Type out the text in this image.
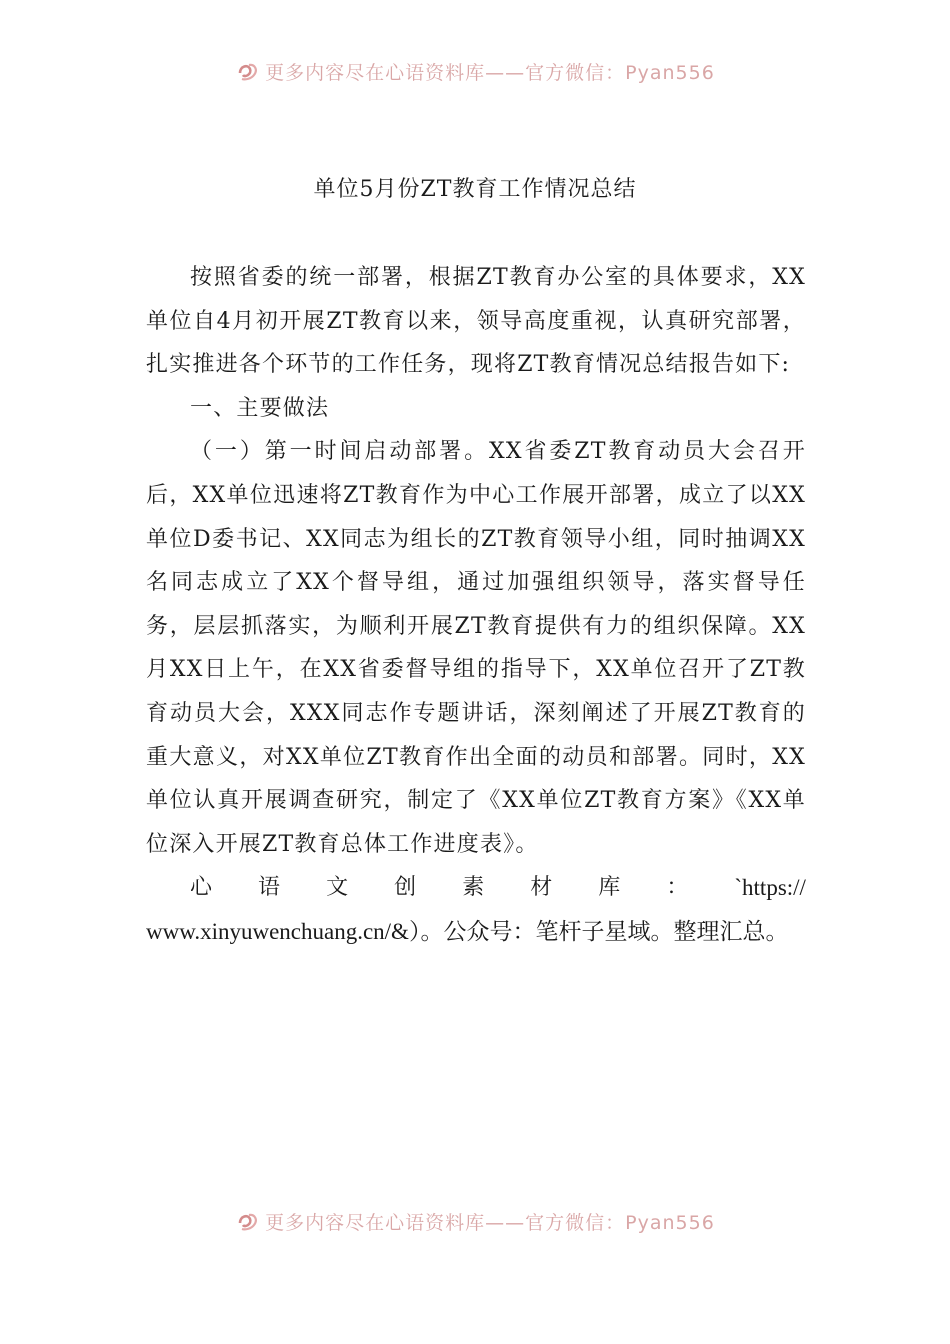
更多内容尽在心语资料库——官方微信：Pyan556
单位5月份ZT教育工作情况总结

按照省委的统一部署，根据ZT教育办公室的具体要求，XX单位自4月初开展ZT教育以来，领导高度重视，认真研究部署，扎实推进各个环节的工作任务，现将ZT教育情况总结报告如下:

一、主要做法

（一）第一时间启动部署。XX省委ZT教育动员大会召开后，XX单位迅速将ZT教育作为中心工作展开部署，成立了以XX单位D委书记、XX同志为组长的ZT教育领导小组，同时抽调XX名同志成立了XX个督导组，通过加强组织领导，落实督导任务，层层抓落实，为顺利开展ZT教育提供有力的组织保障。XX月XX日上午，在XX省委督导组的指导下，XX单位召开了ZT教育动员大会，XXX同志作专题讲话，深刻阐述了开展ZT教育的重大意义，对XX单位ZT教育作出全面的动员和部署。同时，XX单位认真开展调查研究，制定了《XX单位ZT教育方案》《XX单位深入开展ZT教育总体工作进度表》。

心 语 文 创 素 材 库 ： `https://
www.xinyuwenchuang.cn/&）。公众号：笔杆子星域。整理汇总。
更多内容尽在心语资料库——官方微信：Pyan556
